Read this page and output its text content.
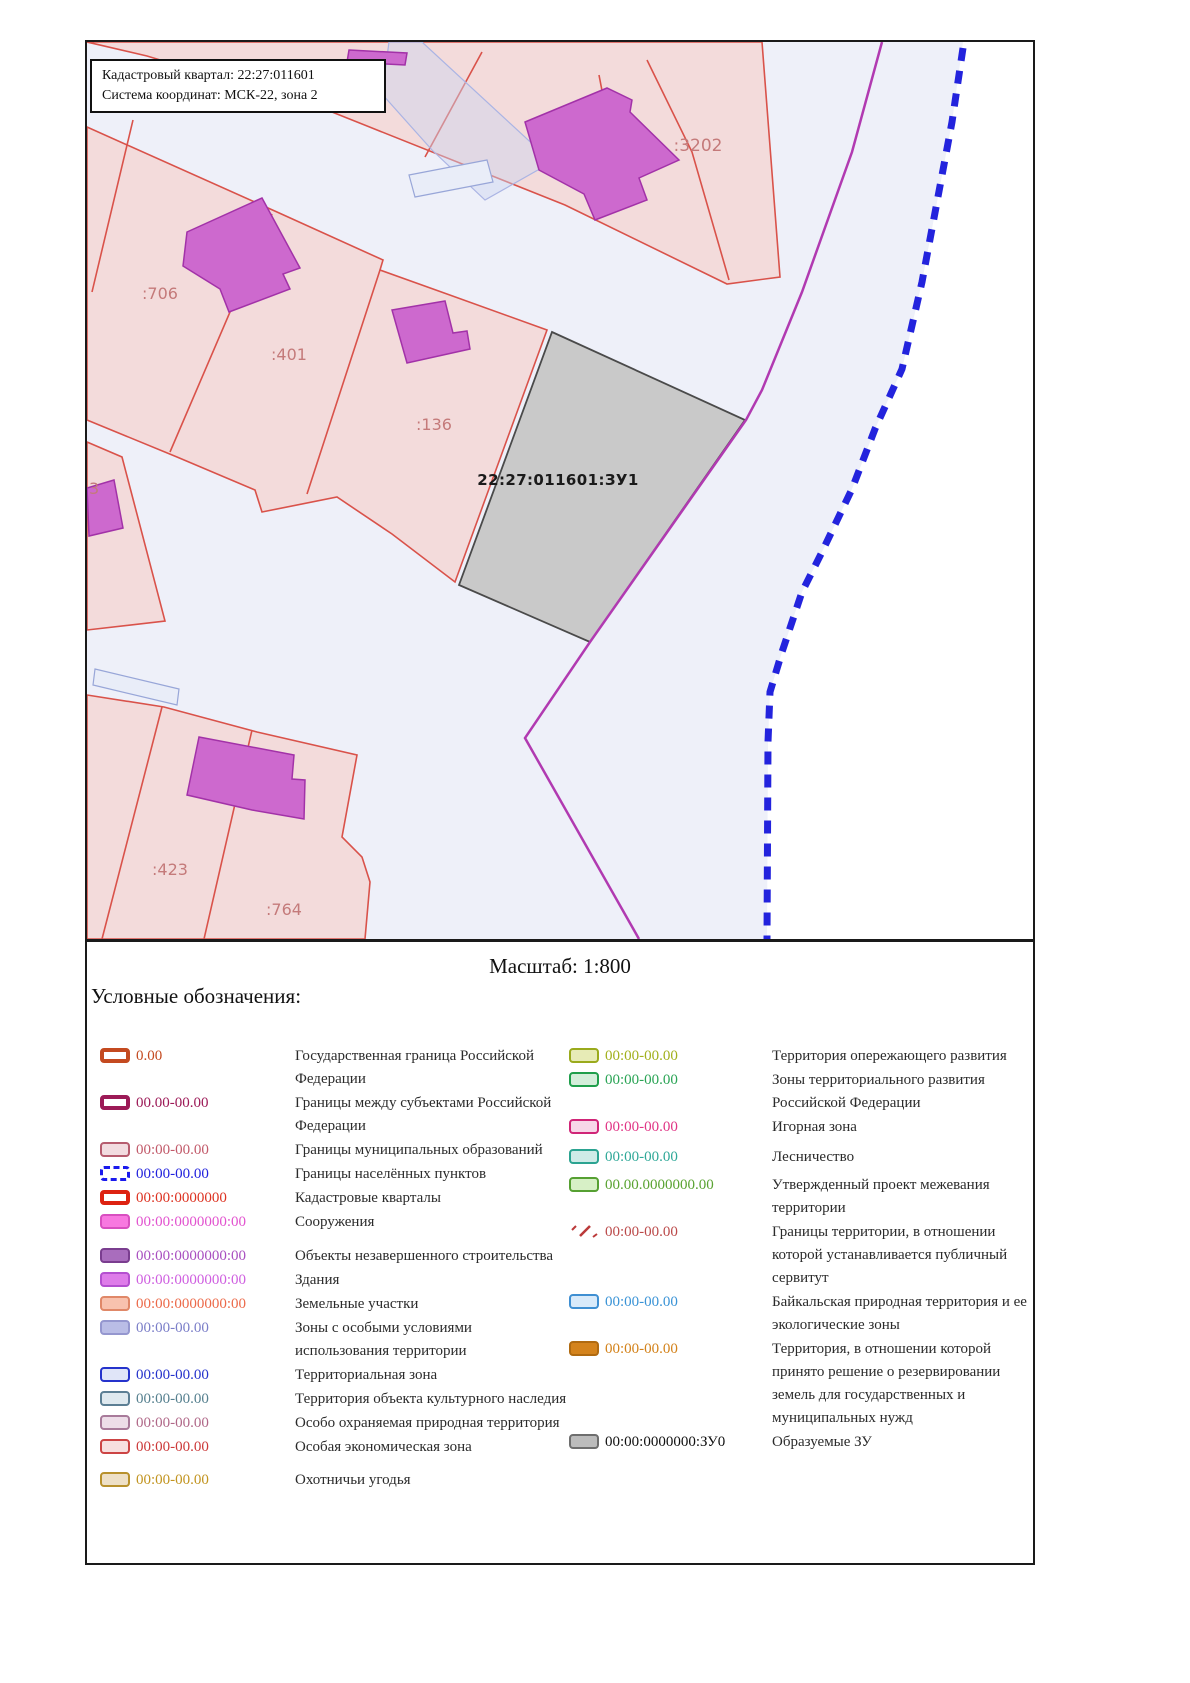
:3202
:706
:401
:136
:423
:764
3	22:27:011601:ЗУ1
Кадастровый квартал: 22:27:011601
Система координат: МСК-22, зона 2
Масштаб: 1:800
Условные обозначения:
0.00	Государственная граница Российской Федерации
00.00-00.00	Границы между субъектами Российской Федерации
00:00-00.00	Границы муниципальных образований
00:00-00.00	Границы населённых пунктов
00:00:0000000	Кадастровые кварталы
00:00:0000000:00	Сооружения
00:00:0000000:00	Объекты незавершенного строительства
00:00:0000000:00	Здания
00:00:0000000:00	Земельные участки
00:00-00.00	Зоны с особыми условиями использования территории
00:00-00.00	Территориальная зона
00:00-00.00	Территория объекта культурного наследия
00:00-00.00	Особо охраняемая природная территория
00:00-00.00	Особая экономическая зона
00:00-00.00	Охотничьи угодья
00:00-00.00	Территория опережающего развития
00:00-00.00	Зоны территориального развития Российской Федерации
00:00-00.00	Игорная зона
00:00-00.00	Лесничество
00.00.0000000.00	Утвержденный проект межевания территории
00:00-00.00	Границы территории, в отношении которой устанавливается публичный сервитут
00:00-00.00	Байкальская природная территория и ее экологические зоны
00:00-00.00	Территория, в отношении которой принято решение о резервировании земель для государственных и муниципальных нужд
00:00:0000000:ЗУ0	Образуемые ЗУ
